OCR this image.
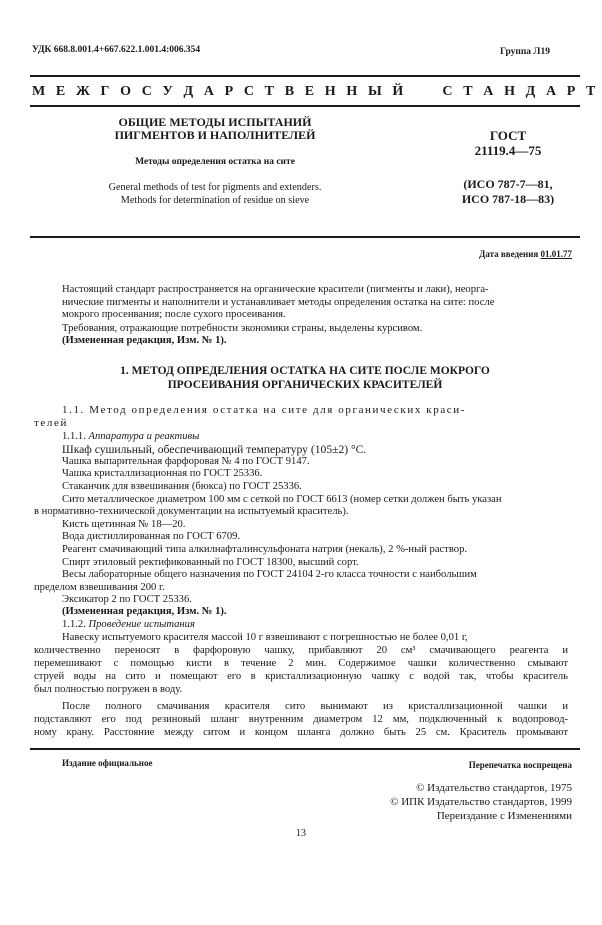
УДК 668.8.001.4+667.622.1.001.4:006.354	Группа Л19
М Е Ж Г О С У Д А Р С Т В Е Н Н Ы Й     С Т А Н Д А Р Т
ОБЩИЕ МЕТОДЫ ИСПЫТАНИЙ
ПИГМЕНТОВ И НАПОЛНИТЕЛЕЙ
Методы определения остатка на сите
General methods of test for pigments and extenders.
Methods for determination of residue on sieve
ГОСТ
21119.4—75
(ИСО 787-7—81,
ИСО 787-18—83)
Дата введения 01.01.77
Настоящий стандарт распространяется на органические красители (пигменты и лаки), неорга-
нические пигменты и наполнители и устанавливает методы определения остатка на сите: после
мокрого просеивания; после сухого просеивания.
Требования, отражающие потребности экономики страны, выделены курсивом.
(Измененная редакция, Изм. № 1).
1. МЕТОД ОПРЕДЕЛЕНИЯ ОСТАТКА НА СИТЕ ПОСЛЕ МОКРОГО
ПРОСЕИВАНИЯ ОРГАНИЧЕСКИХ КРАСИТЕЛЕЙ
1.1. Метод определения остатка на сите для органических краси-
телей
1.1.1. Аппаратура и реактивы
Шкаф сушильный, обеспечивающий температуру (105±2) °С.
Чашка выпарительная фарфоровая № 4 по ГОСТ 9147.
Чашка кристаллизационная по ГОСТ 25336.
Стаканчик для взвешивания (бюкса) по ГОСТ 25336.
Сито металлическое диаметром 100 мм с сеткой по ГОСТ 6613 (номер сетки должен быть указан
в нормативно-технической документации на испытуемый краситель).
Кисть щетинная № 18—20.
Вода дистиллированная по ГОСТ 6709.
Реагент смачивающий типа алкилнафталинсульфоната натрия (некаль), 2 %-ный раствор.
Спирт этиловый ректификованный по ГОСТ 18300, высший сорт.
Весы лабораторные общего назначения по ГОСТ 24104 2-го класса точности с наибольшим
пределом взвешивания 200 г.
Эксикатор 2 по ГОСТ 25336.
(Измененная редакция, Изм. № 1).
1.1.2. Проведение испытания
Навеску испытуемого красителя массой 10 г взвешивают с погрешностью не более 0,01 г,
количественно переносят в фарфоровую чашку, прибавляют 20 см³ смачивающего реагента и
перемешивают с помощью кисти в течение 2 мин. Содержимое чашки количественно смывают
струей воды на сито и помещают его в кристаллизационную чашку с водой так, чтобы краситель
был полностью погружен в воду.
После полного смачивания красителя сито вынимают из кристаллизационной чашки и
подставляют его под резиновый шланг внутренним диаметром 12 мм, подключенный к водопровод-
ному крану. Расстояние между ситом и концом шланга должно быть 25 см. Краситель промывают
Издание официальное	Перепечатка воспрещена
© Издательство стандартов, 1975
© ИПК Издательство стандартов, 1999
Переиздание с Изменениями
13
